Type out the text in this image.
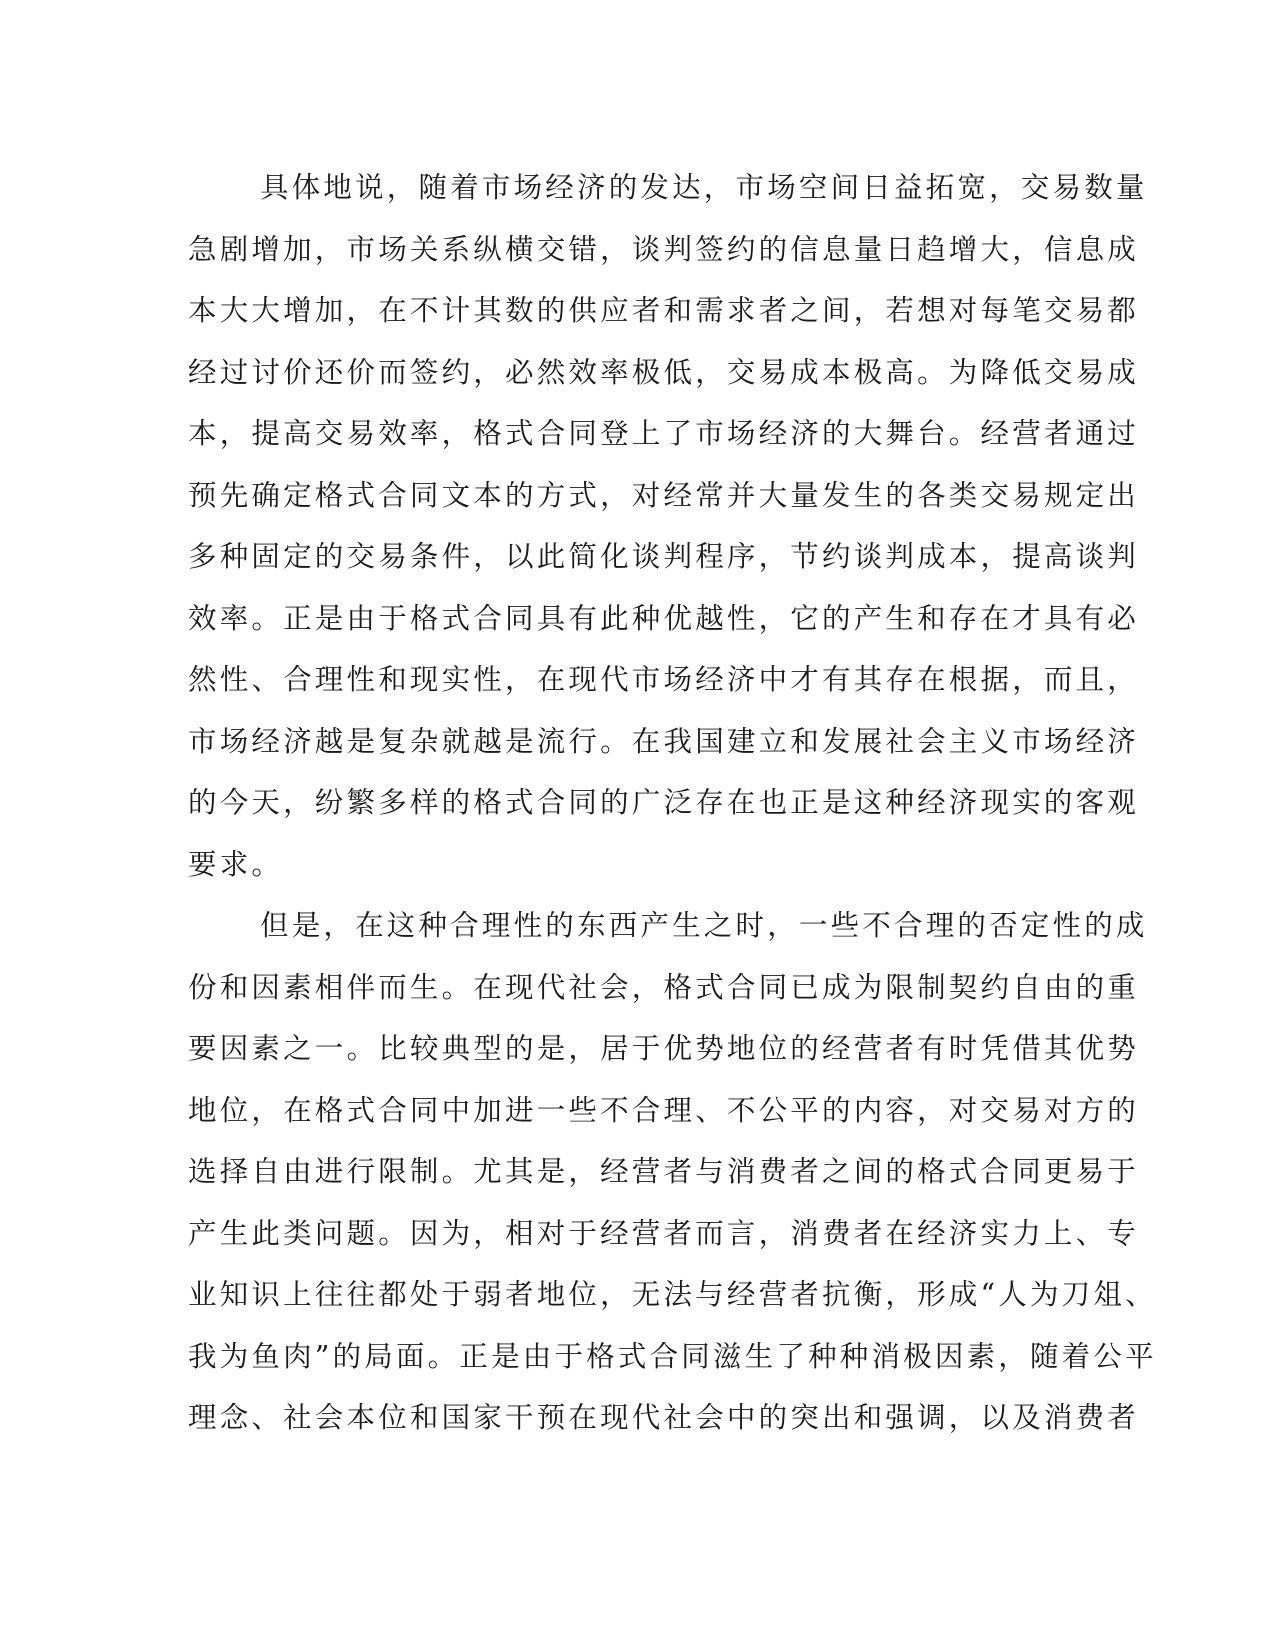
具体地说，随着市场经济的发达，市场空间日益拓宽，交易数量
急剧增加，市场关系纵横交错，谈判签约的信息量日趋增大，信息成
本大大增加，在不计其数的供应者和需求者之间，若想对每笔交易都
经过讨价还价而签约，必然效率极低，交易成本极高。为降低交易成
本，提高交易效率，格式合同登上了市场经济的大舞台。经营者通过
预先确定格式合同文本的方式，对经常并大量发生的各类交易规定出
多种固定的交易条件，以此简化谈判程序，节约谈判成本，提高谈判
效率。正是由于格式合同具有此种优越性，它的产生和存在才具有必
然性、合理性和现实性，在现代市场经济中才有其存在根据，而且，
市场经济越是复杂就越是流行。在我国建立和发展社会主义市场经济
的今天，纷繁多样的格式合同的广泛存在也正是这种经济现实的客观
要求。
但是，在这种合理性的东西产生之时，一些不合理的否定性的成
份和因素相伴而生。在现代社会，格式合同已成为限制契约自由的重
要因素之一。比较典型的是，居于优势地位的经营者有时凭借其优势
地位，在格式合同中加进一些不合理、不公平的内容，对交易对方的
选择自由进行限制。尤其是，经营者与消费者之间的格式合同更易于
产生此类问题。因为，相对于经营者而言，消费者在经济实力上、专
业知识上往往都处于弱者地位，无法与经营者抗衡，形成“人为刀俎、
我为鱼肉”的局面。正是由于格式合同滋生了种种消极因素，随着公平
理念、社会本位和国家干预在现代社会中的突出和强调，以及消费者
